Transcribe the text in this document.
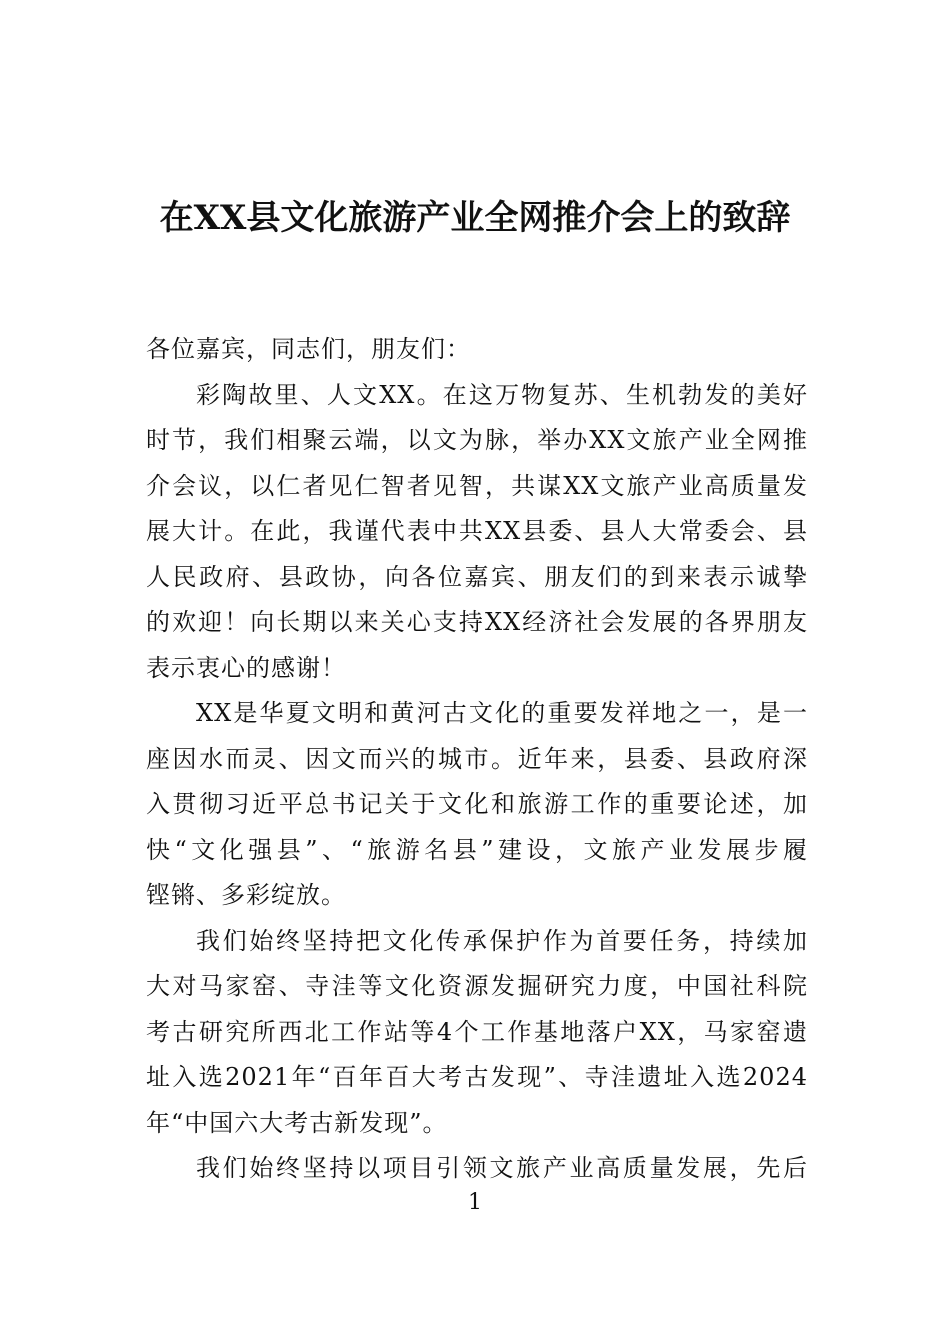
在XX县文化旅游产业全网推介会上的致辞
各位嘉宾，同志们，朋友们：
彩陶故里、人文XX。在这万物复苏、生机勃发的美好
时节，我们相聚云端，以文为脉，举办XX文旅产业全网推
介会议，以仁者见仁智者见智，共谋XX文旅产业高质量发
展大计。在此，我谨代表中共XX县委、县人大常委会、县
人民政府、县政协，向各位嘉宾、朋友们的到来表示诚挚
的欢迎！向长期以来关心支持XX经济社会发展的各界朋友
表示衷心的感谢！
XX是华夏文明和黄河古文化的重要发祥地之一，是一
座因水而灵、因文而兴的城市。近年来，县委、县政府深
入贯彻习近平总书记关于文化和旅游工作的重要论述，加
快“文化强县”、“旅游名县”建设，文旅产业发展步履
铿锵、多彩绽放。
我们始终坚持把文化传承保护作为首要任务，持续加
大对马家窑、寺洼等文化资源发掘研究力度，中国社科院
考古研究所西北工作站等4个工作基地落户XX，马家窑遗
址入选2021年“百年百大考古发现”、寺洼遗址入选2024
年“中国六大考古新发现”。
我们始终坚持以项目引领文旅产业高质量发展，先后
1
